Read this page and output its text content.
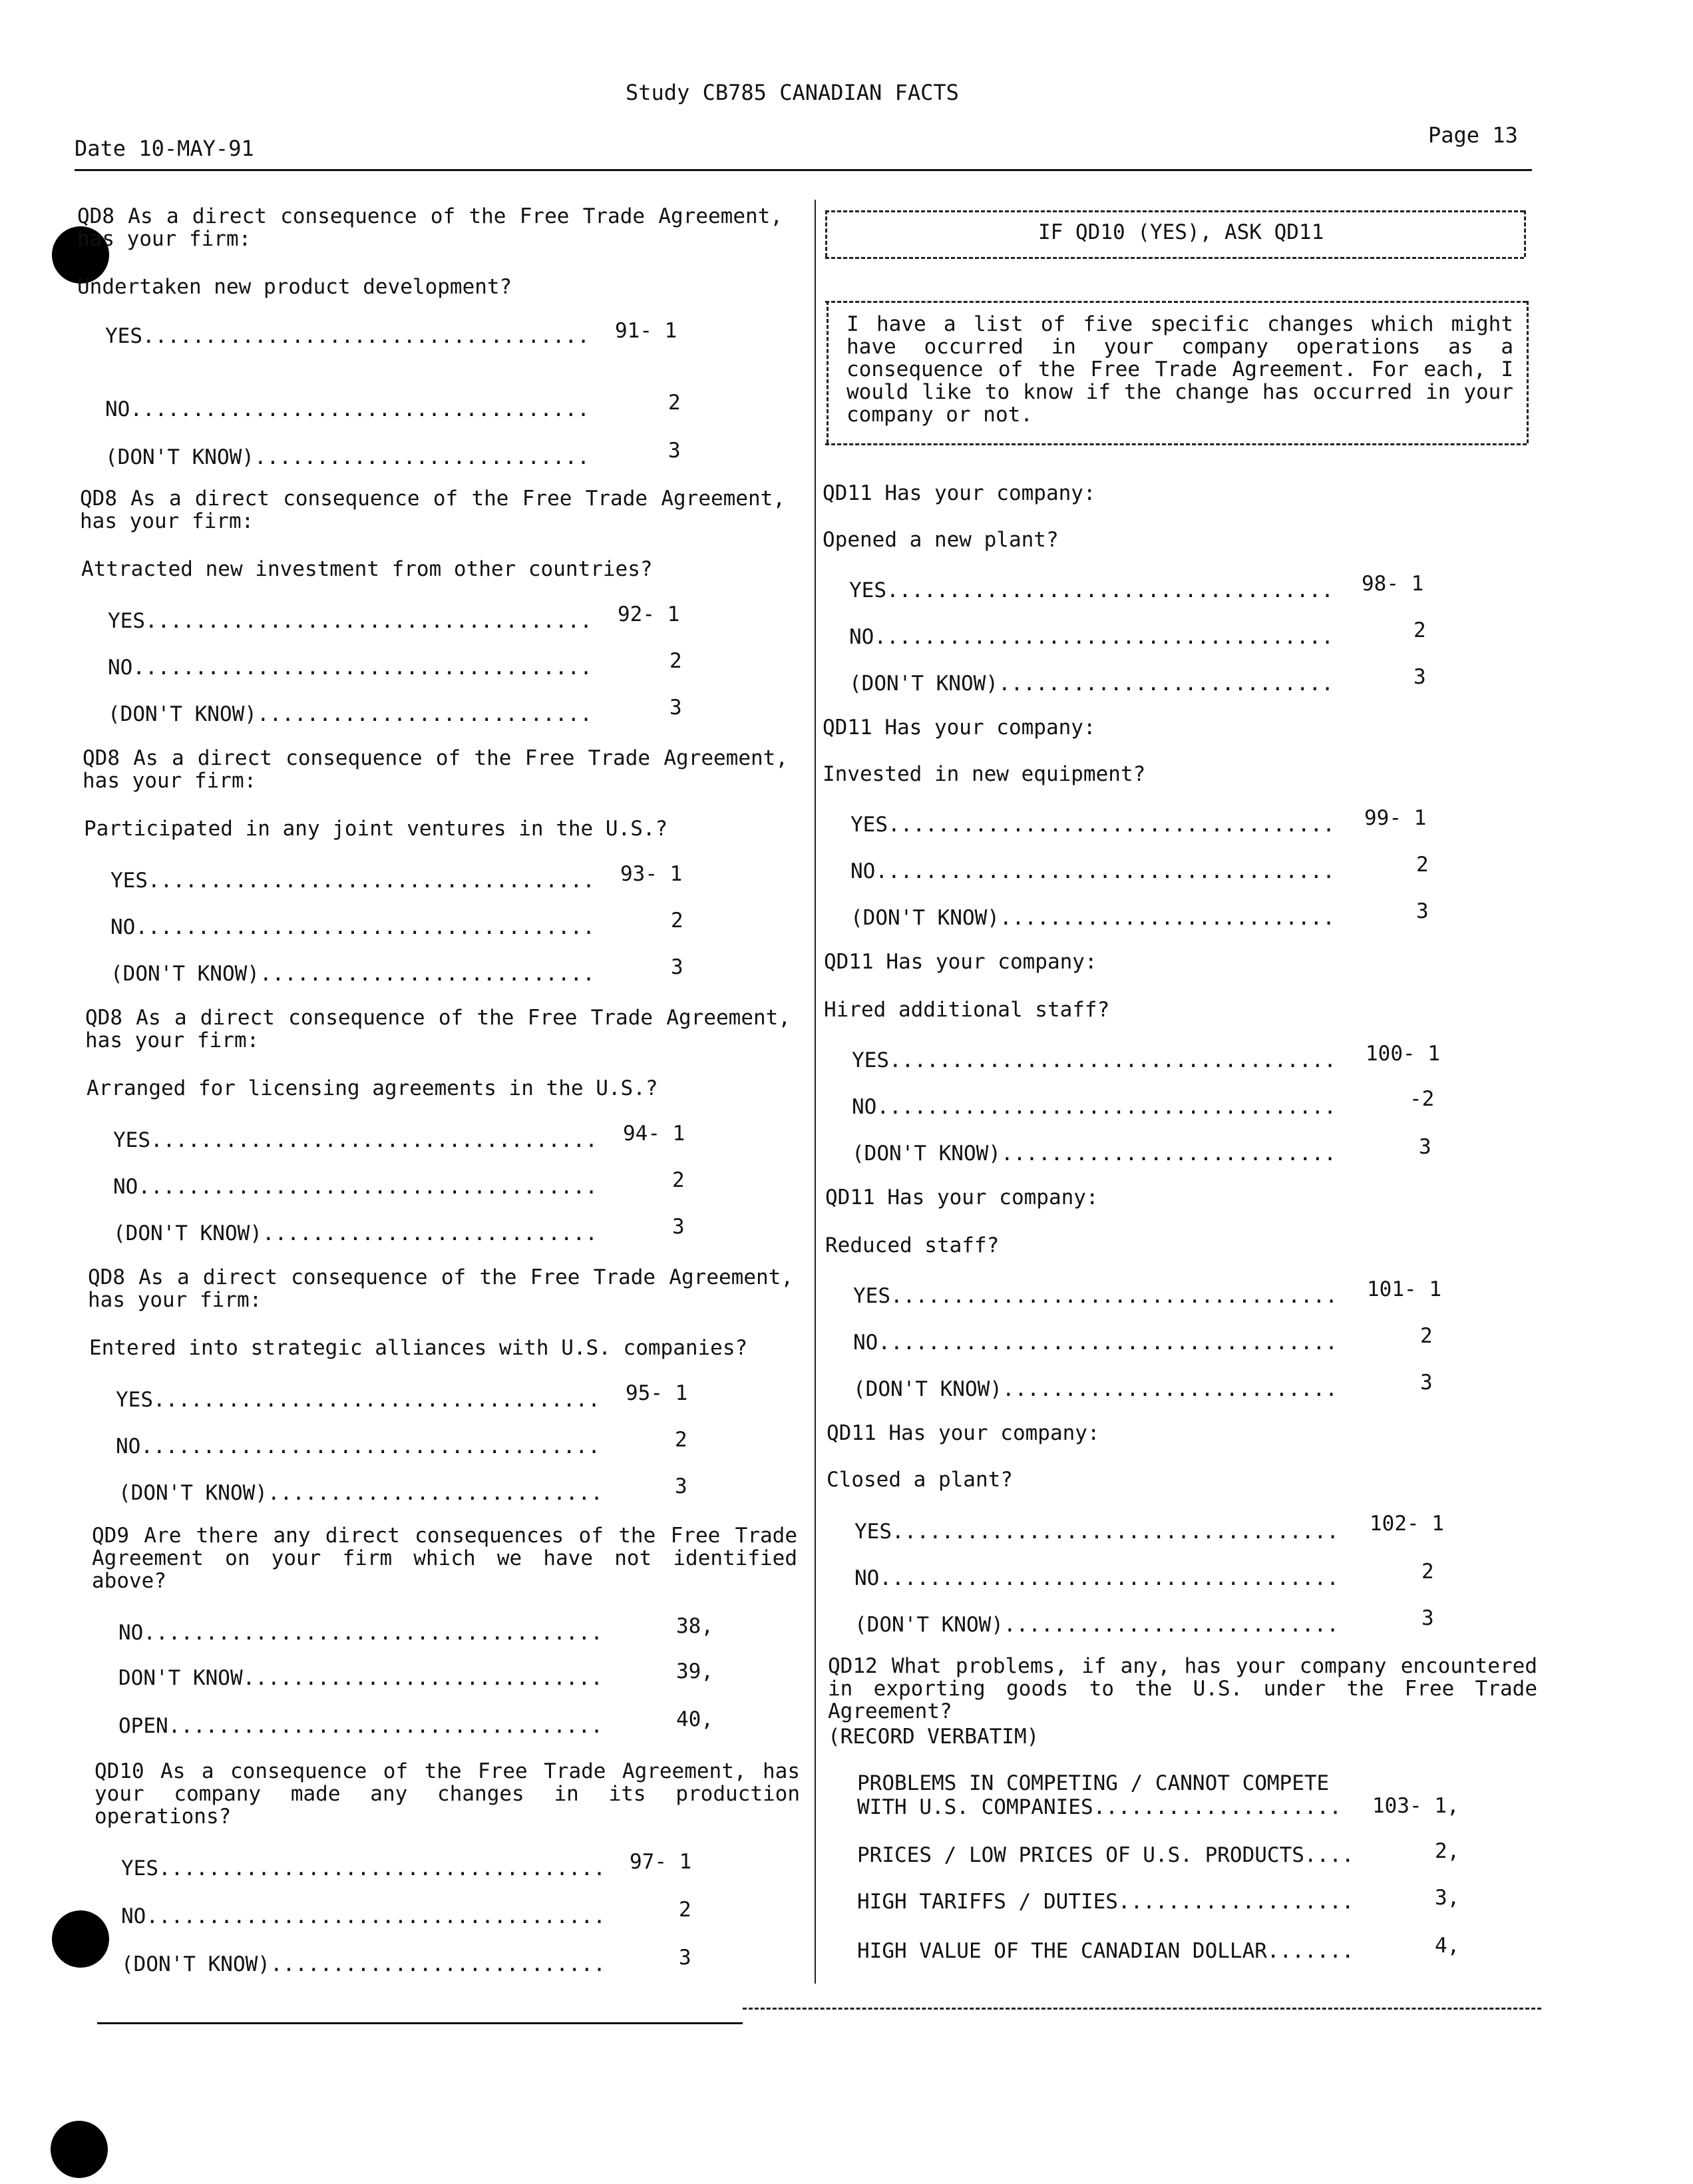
Study CB785 CANADIAN FACTS
Date 10-MAY-91
Page 13
QD8 As a direct consequence of the Free Trade Agreement, has your firm:
Undertaken new product development?
YES.................................... 91- 1
NO.....................................	2
(DON'T KNOW)...........................	3
QD8 As a direct consequence of the Free Trade Agreement, has your firm:
Attracted new investment from other countries?
YES.................................... 92- 1
NO.....................................	2
(DON'T KNOW)...........................	3
QD8 As a direct consequence of the Free Trade Agreement, has your firm:
Participated in any joint ventures in the U.S.?
YES.................................... 93- 1
NO.....................................	2
(DON'T KNOW)...........................	3
QD8 As a direct consequence of the Free Trade Agreement, has your firm:
Arranged for licensing agreements in the U.S.?
YES.................................... 94- 1
NO.....................................	2
(DON'T KNOW)...........................	3
QD8 As a direct consequence of the Free Trade Agreement, has your firm:
Entered into strategic alliances with U.S. companies?
YES.................................... 95- 1
NO.....................................	2
(DON'T KNOW)...........................	3
QD9 Are there any direct consequences of the Free Trade Agreement on your firm which we have not identified above?
NO.....................................	38,
DON'T KNOW.............................	39,
OPEN...................................	40,
QD10 As a consequence of the Free Trade Agreement, has your company made any changes in its production operations?
YES.................................... 97- 1
NO.....................................	2
(DON'T KNOW)...........................	3
IF QD10 (YES), ASK QD11
I have a list of five specific changes which might have occurred in your company operations as a consequence of the Free Trade Agreement. For each, I would like to know if the change has occurred in your company or not.
QD11 Has your company:
Opened a new plant?
YES.................................... 98- 1
NO.....................................	2
(DON'T KNOW)...........................	3
QD11 Has your company:
Invested in new equipment?
YES.................................... 99- 1
NO.....................................	2
(DON'T KNOW)...........................	3
QD11 Has your company:
Hired additional staff?
YES.................................... 100- 1
NO.....................................	-2
(DON'T KNOW)...........................	3
QD11 Has your company:
Reduced staff?
YES.................................... 101- 1
NO.....................................	2
(DON'T KNOW)...........................	3
QD11 Has your company:
Closed a plant?
YES.................................... 102- 1
NO.....................................	2
(DON'T KNOW)...........................	3
QD12 What problems, if any, has your company encountered in exporting goods to the U.S. under the Free Trade Agreement?
(RECORD VERBATIM)
PROBLEMS IN COMPETING / CANNOT COMPETE
WITH U.S. COMPANIES.................... 103- 1,
PRICES / LOW PRICES OF U.S. PRODUCTS....	2,
HIGH TARIFFS / DUTIES...................	3,
HIGH VALUE OF THE CANADIAN DOLLAR.......	4,
